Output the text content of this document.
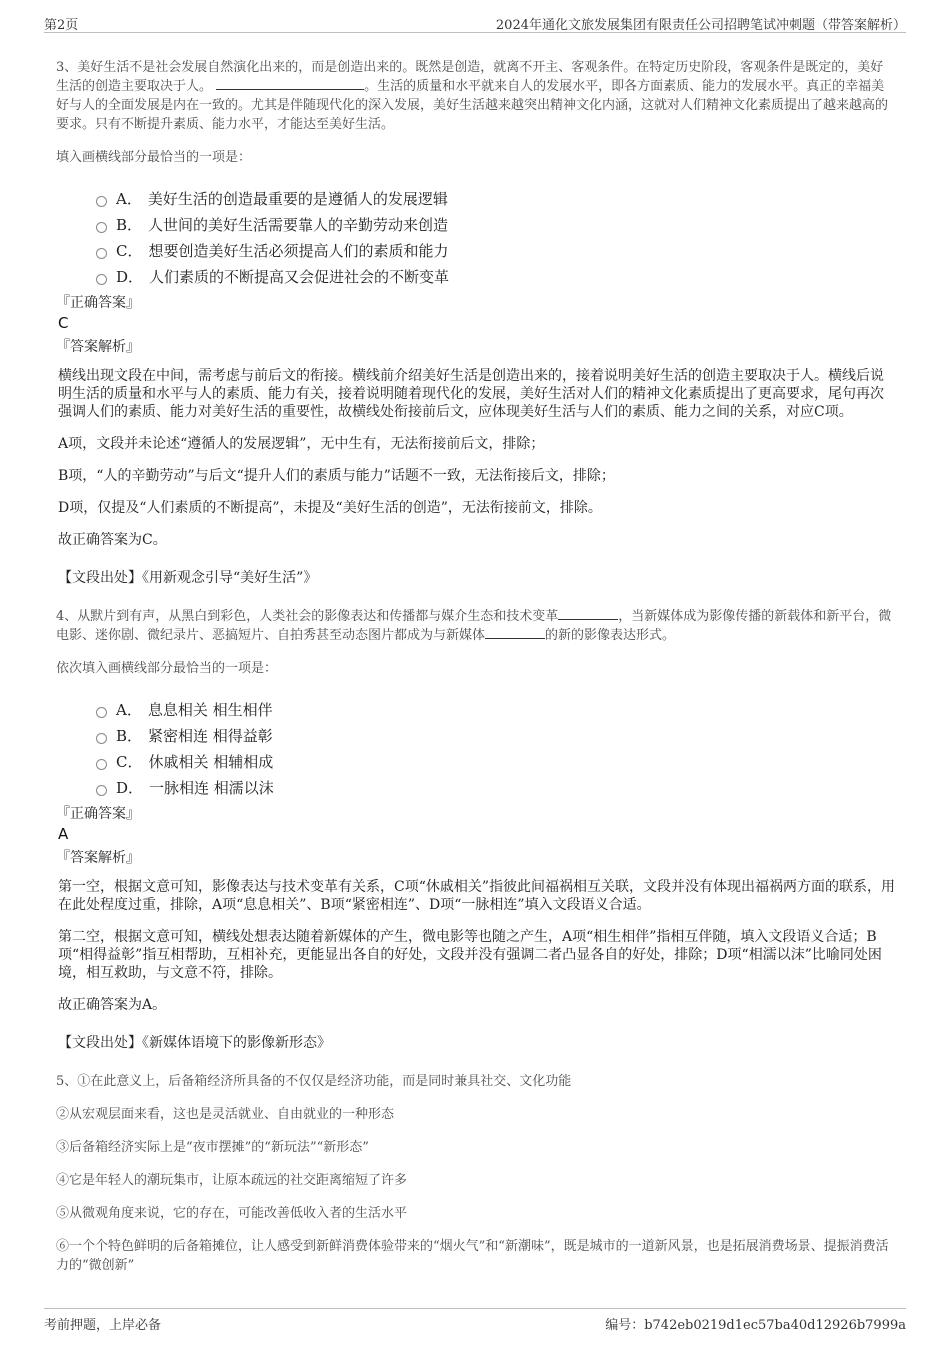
第2页	2024年通化文旅发展集团有限责任公司招聘笔试冲刺题（带答案解析）

3、美好生活不是社会发展自然演化出来的，而是创造出来的。既然是创造，就离不开主、客观条件。在特定历史阶段，客观条件是既定的，美好生活的创造主要取决于人。	。生活的质量和水平就来自人的发展水平，即各方面素质、能力的发展水平。真正的幸福美好与人的全面发展是内在一致的。尤其是伴随现代化的深入发展，美好生活越来越突出精神文化内涵，这就对人们精神文化素质提出了越来越高的要求。只有不断提升素质、能力水平，才能达至美好生活。

填入画横线部分最恰当的一项是：

A． 美好生活的创造最重要的是遵循人的发展逻辑
B． 人世间的美好生活需要靠人的辛勤劳动来创造
C． 想要创造美好生活必须提高人们的素质和能力
D． 人们素质的不断提高又会促进社会的不断变革

『正确答案』

C

『答案解析』

横线出现文段在中间，需考虑与前后文的衔接。横线前介绍美好生活是创造出来的，接着说明美好生活的创造主要取决于人。横线后说明生活的质量和水平与人的素质、能力有关，接着说明随着现代化的发展，美好生活对人们的精神文化素质提出了更高要求，尾句再次强调人们的素质、能力对美好生活的重要性，故横线处衔接前后文，应体现美好生活与人们的素质、能力之间的关系，对应C项。

A项，文段并未论述“遵循人的发展逻辑”，无中生有，无法衔接前后文，排除；

B项，“人的辛勤劳动”与后文“提升人们的素质与能力”话题不一致，无法衔接后文，排除；

D项，仅提及“人们素质的不断提高”，未提及“美好生活的创造”，无法衔接前文，排除。

故正确答案为C。

【文段出处】《用新观念引导“美好生活”》

4、从默片到有声，从黑白到彩色，人类社会的影像表达和传播都与媒介生态和技术变革	，当新媒体成为影像传播的新载体和新平台，微电影、迷你剧、微纪录片、恶搞短片、自拍秀甚至动态图片都成为与新媒体	的新的影像表达形式。

依次填入画横线部分最恰当的一项是：

A． 息息相关 相生相伴
B． 紧密相连 相得益彰
C． 休戚相关 相辅相成
D． 一脉相连 相濡以沫

『正确答案』

A

『答案解析』

第一空，根据文意可知，影像表达与技术变革有关系，C项“休戚相关”指彼此间福祸相互关联，文段并没有体现出福祸两方面的联系，用在此处程度过重，排除，A项“息息相关”、B项“紧密相连”、D项“一脉相连”填入文段语义合适。

第二空，根据文意可知，横线处想表达随着新媒体的产生，微电影等也随之产生，A项“相生相伴”指相互伴随，填入文段语义合适；B项“相得益彰”指互相帮助，互相补充，更能显出各自的好处，文段并没有强调二者凸显各自的好处，排除；D项“相濡以沫”比喻同处困境，相互救助，与文意不符，排除。

故正确答案为A。

【文段出处】《新媒体语境下的影像新形态》

5、①在此意义上，后备箱经济所具备的不仅仅是经济功能，而是同时兼具社交、文化功能

②从宏观层面来看，这也是灵活就业、自由就业的一种形态

③后备箱经济实际上是“夜市摆摊”的“新玩法”“新形态”

④它是年轻人的潮玩集市，让原本疏远的社交距离缩短了许多

⑤从微观角度来说，它的存在，可能改善低收入者的生活水平

⑥一个个特色鲜明的后备箱摊位，让人感受到新鲜消费体验带来的“烟火气”和“新潮味”，既是城市的一道新风景，也是拓展消费场景、提振消费活力的“微创新”

考前押题，上岸必备	编号：b742eb0219d1ec57ba40d12926b7999a
